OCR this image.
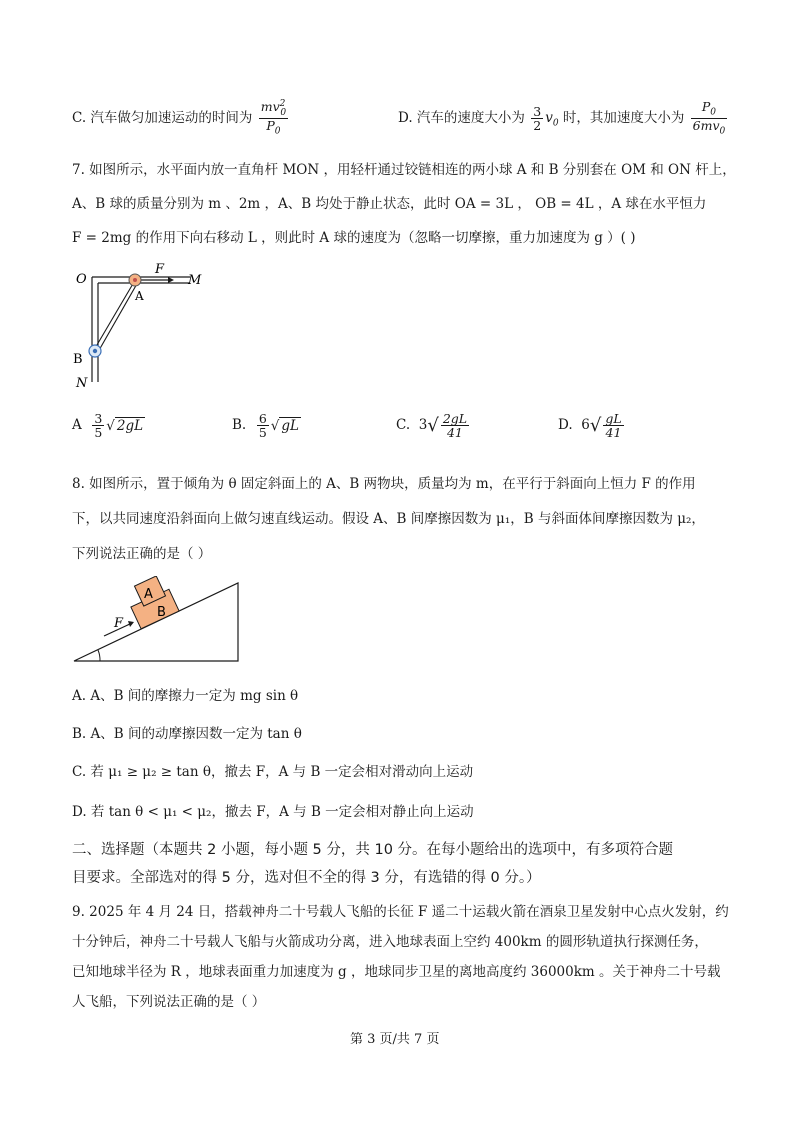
C. 汽车做匀加速运动的时间为 $\frac{mv^2_0}{P_0}$	D. 汽车的速度大小为 $\frac{3}{2} v_0$ 时，其加速度大小为 $\frac{P_0}{6mv_0}$
7. 如图所示，水平面内放一直角杆 MON ，用轻杆通过铰链相连的两小球 A 和 B 分别套在 OM 和 ON 杆上，
A、B 球的质量分别为 m 、2m ，A、B 均处于静止状态，此时 OA = 3L ， OB = 4L ，A 球在水平恒力
F = 2mg 的作用下向右移动 L ，则此时 A 球的速度为（忽略一切摩擦，重力加速度为 g ）( )
O
F
M
A
B
N
A $\frac{3}{5}$ √ 2gL	B. $\frac{6}{5}$ √ gL	C. $3√ \frac{2gL}{41}$	D. $6√ \frac{gL}{41}$
8. 如图所示，置于倾角为 θ 固定斜面上的 A、B 两物块，质量均为 m，在平行于斜面向上恒力 F 的作用
下，以共同速度沿斜面向上做匀速直线运动。假设 A、B 间摩擦因数为 μ₁，B 与斜面体间摩擦因数为 μ₂，
下列说法正确的是（ ）
A
B
F
A. A、B 间的摩擦力一定为 mg sin θ
B. A、B 间的动摩擦因数一定为 tan θ
C. 若 μ₁ ≥ μ₂ ≥ tan θ，撤去 F，A 与 B 一定会相对滑动向上运动
D. 若 tan θ < μ₁ < μ₂，撤去 F，A 与 B 一定会相对静止向上运动
二、选择题（本题共 2 小题，每小题 5 分，共 10 分。在每小题给出的选项中，有多项符合题
目要求。全部选对的得 5 分，选对但不全的得 3 分，有选错的得 0 分。）
9. 2025 年 4 月 24 日，搭载神舟二十号载人飞船的长征 F 遥二十运载火箭在酒泉卫星发射中心点火发射，约
十分钟后，神舟二十号载人飞船与火箭成功分离，进入地球表面上空约 400km 的圆形轨道执行探测任务，
已知地球半径为 R ，地球表面重力加速度为 g ，地球同步卫星的离地高度约 36000km 。关于神舟二十号载
人飞船，下列说法正确的是（ ）
第 3 页/共 7 页
